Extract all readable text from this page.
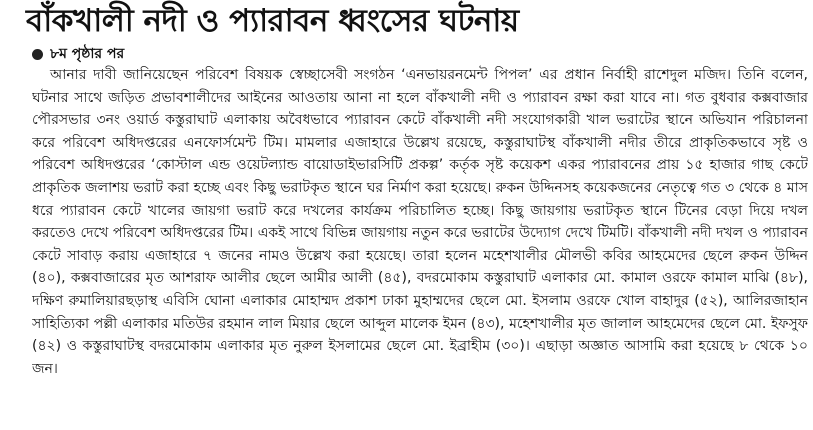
বাঁকখালী নদী ও প্যারাবন ধ্বংসের ঘটনায়
৮ম পৃষ্ঠার পর

আনার দাবী জানিয়েছেন পরিবেশ বিষয়ক স্বেচ্ছাসেবী সংগঠন ‘এনভায়রনমেন্ট পিপল’ এর প্রধান নির্বাহী রাশেদুল মজিদ। তিনি বলেন, ঘটনার সাথে জড়িত প্রভাবশালীদের আইনের আওতায় আনা না হলে বাঁকখালী নদী ও প্যারাবন রক্ষা করা যাবে না। গত বুধবার কক্সবাজার পৌরসভার ৩নং ওয়ার্ড কস্তুরাঘাট এলাকায় অবৈধভাবে প্যারাবন কেটে বাঁকখালী নদী সংযোগকারী খাল ভরাটের স্থানে অভিযান পরিচালনা করে পরিবেশ অধিদপ্তরের এনফোর্সমেন্ট টিম। মামলার এজাহারে উল্লেখ রয়েছে, কস্তুরাঘাটস্থ বাঁকখালী নদীর তীরে প্রাকৃতিকভাবে সৃষ্ট ও পরিবেশ অধিদপ্তরের ‘কোস্টাল এন্ড ওয়েটল্যান্ড বায়োডাইভারসিটি প্রকল্প’ কর্তৃক সৃষ্ট কয়েকশ একর প্যারাবনের প্রায় ১৫ হাজার গাছ কেটে প্রাকৃতিক জলাশয় ভরাট করা হচ্ছে এবং কিছু ভরাটকৃত স্থানে ঘর নির্মাণ করা হয়েছে। রুকন উদ্দিনসহ কয়েকজনের নেতৃত্বে গত ৩ থেকে ৪ মাস ধরে প্যারাবন কেটে খালের জায়গা ভরাট করে দখলের কার্যক্রম পরিচালিত হচ্ছে। কিছু জায়গায় ভরাটকৃত স্থানে টিনের বেড়া দিয়ে দখল করতেও দেখে পরিবেশ অধিদপ্তরের টিম। একই সাথে বিভিন্ন জায়গায় নতুন করে ভরাটের উদ্যোগ দেখে টিমটি। বাঁকখালী নদী দখল ও প্যারাবন কেটে সাবাড় করায় এজাহারে ৭ জনের নামও উল্লেখ করা হয়েছে। তারা হলেন মহেশখালীর মৌলভী কবির আহমেদের ছেলে রুকন উদ্দিন (৪০), কক্সবাজারের মৃত আশরাফ আলীর ছেলে আমীর আলী (৪৫), বদরমোকাম কস্তুরাঘাট এলাকার মো. কামাল ওরফে কামাল মাঝি (৪৮), দক্ষিণ রুমালিয়ারছড়াস্থ এবিসি ঘোনা এলাকার মোহাম্মদ প্রকাশ ঢাকা মুহাম্মদের ছেলে মো. ইসলাম ওরফে খোল বাহাদুর (৫২), আলিরজাহান সাহিত্যিকা পল্লী এলাকার মতিউর রহমান লাল মিয়ার ছেলে আব্দুল মালেক ইমন (৪৩), মহেশখালীর মৃত জালাল আহমেদের ছেলে মো. ইফসুফ (৪২) ও কস্তুরাঘাটস্থ বদরমোকাম এলাকার মৃত নুরুল ইসলামের ছেলে মো. ইব্রাহীম (৩০)। এছাড়া অজ্ঞাত আসামি করা হয়েছে ৮ থেকে ১০ জন।
